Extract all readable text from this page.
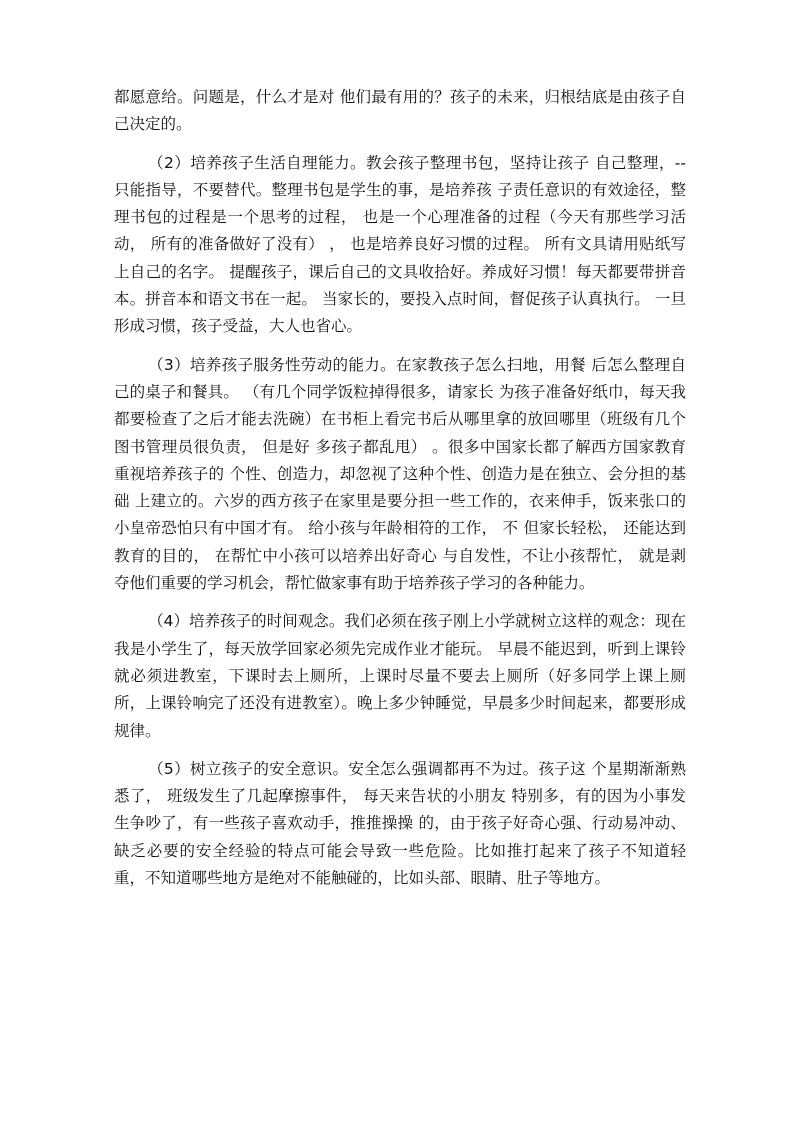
都愿意给。问题是，什么才是对 他们最有用的？孩子的未来，归根结底是由孩子自己决定的。

（2）培养孩子生活自理能力。教会孩子整理书包，坚持让孩子 自己整理，-- 只能指导，不要替代。整理书包是学生的事，是培养孩 子责任意识的有效途径，整理书包的过程是一个思考的过程， 也是一个心理准备的过程（今天有那些学习活动， 所有的准备做好了没有） ， 也是培养良好习惯的过程。 所有文具请用贴纸写上自己的名字。 提醒孩子，课后自己的文具收拾好。养成好习惯！每天都要带拼音本。拼音本和语文书在一起。 当家长的，要投入点时间，督促孩子认真执行。 一旦形成习惯，孩子受益，大人也省心。

（3）培养孩子服务性劳动的能力。在家教孩子怎么扫地，用餐 后怎么整理自己的桌子和餐具。 （有几个同学饭粒掉得很多，请家长 为孩子准备好纸巾，每天我都要检查了之后才能去洗碗）在书柜上看完书后从哪里拿的放回哪里（班级有几个图书管理员很负责， 但是好 多孩子都乱甩） 。很多中国家长都了解西方国家教育重视培养孩子的 个性、创造力，却忽视了这种个性、创造力是在独立、会分担的基础 上建立的。六岁的西方孩子在家里是要分担一些工作的，衣来伸手，饭来张口的小皇帝恐怕只有中国才有。 给小孩与年龄相符的工作， 不 但家长轻松， 还能达到教育的目的， 在帮忙中小孩可以培养出好奇心 与自发性，不让小孩帮忙， 就是剥夺他们重要的学习机会，帮忙做家事有助于培养孩子学习的各种能力。

（4）培养孩子的时间观念。我们必须在孩子刚上小学就树立这样的观念：现在我是小学生了，每天放学回家必须先完成作业才能玩。 早晨不能迟到，听到上课铃就必须进教室，下课时去上厕所，上课时尽量不要去上厕所（好多同学上课上厕所，上课铃响完了还没有进教室）。晚上多少钟睡觉，早晨多少时间起来，都要形成规律。

（5）树立孩子的安全意识。安全怎么强调都再不为过。孩子这 个星期渐渐熟悉了， 班级发生了几起摩擦事件， 每天来告状的小朋友 特别多，有的因为小事发生争吵了，有一些孩子喜欢动手，推推操操 的，由于孩子好奇心强、行动易冲动、缺乏必要的安全经验的特点可能会导致一些危险。比如推打起来了孩子不知道轻重，不知道哪些地方是绝对不能触碰的，比如头部、眼睛、肚子等地方。
